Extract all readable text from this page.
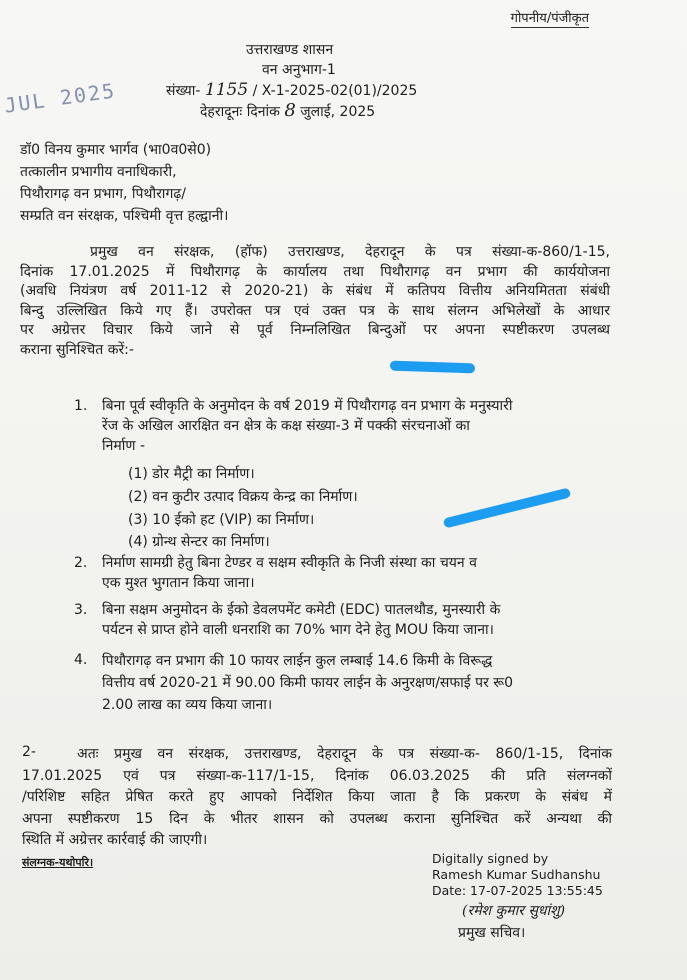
गोपनीय/पंजीकृत
JUL 2025
उत्तराखण्ड शासन
वन अनुभाग-1
संख्या- 1155 / X-1-2025-02(01)/2025
देहरादूनः दिनांक 8 जुलाई, 2025
डॉ0 विनय कुमार भार्गव (भा0व0से0)
तत्कालीन प्रभागीय वनाधिकारी,
पिथौरागढ़ वन प्रभाग, पिथौरागढ़/
सम्प्रति वन संरक्षक, पश्चिमी वृत्त हल्द्वानी।
प्रमुख वन संरक्षक, (हॉफ) उत्तराखण्ड, देहरादून के पत्र संख्या-क-860/1-15,
दिनांक 17.01.2025 में पिथौरागढ़ के कार्यालय तथा पिथौरागढ़ वन प्रभाग की कार्ययोजना
(अवधि नियंत्रण वर्ष 2011-12 से 2020-21) के संबंध में कतिपय वित्तीय अनियमितता संबंधी
बिन्दु उल्लिखित किये गए हैं। उपरोक्त पत्र एवं उक्त पत्र के साथ संलग्न अभिलेखों के आधार
पर अग्रेत्तर विचार किये जाने से पूर्व निम्नलिखित बिन्दुओं पर अपना स्पष्टीकरण उपलब्ध
कराना सुनिश्चित करें:-
1. बिना पूर्व स्वीकृति के अनुमोदन के वर्ष 2019 में पिथौरागढ़ वन प्रभाग के मनुस्यारी
रेंज के अखिल आरक्षित वन क्षेत्र के कक्ष संख्या-3 में पक्की संरचनाओं का
निर्माण -
(1) डोर मैट्री का निर्माण।
(2) वन कुटीर उत्पाद विक्रय केन्द्र का निर्माण।
(3) 10 ईको हट (VIP) का निर्माण।
(4) ग्रोन्थ सेन्टर का निर्माण।
2. निर्माण सामग्री हेतु बिना टेण्डर व सक्षम स्वीकृति के निजी संस्था का चयन व
एक मुश्त भुगतान किया जाना।
3. बिना सक्षम अनुमोदन के ईको डेवलपमेंट कमेटी (EDC) पातलथौड, मुनस्यारी के
पर्यटन से प्राप्त होने वाली धनराशि का 70% भाग देने हेतु MOU किया जाना।
4. पिथौरागढ़ वन प्रभाग की 10 फायर लाईन कुल लम्बाई 14.6 किमी के विरूद्ध
वित्तीय वर्ष 2020-21 में 90.00 किमी फायर लाईन के अनुरक्षण/सफाई पर रू0
2.00 लाख का व्यय किया जाना।
2-	अतः प्रमुख वन संरक्षक, उत्तराखण्ड, देहरादून के पत्र संख्या-क- 860/1-15, दिनांक
17.01.2025 एवं पत्र संख्या-क-117/1-15, दिनांक 06.03.2025 की प्रति संलग्नकों
/परिशिष्ट सहित प्रेषित करते हुए आपको निर्देशित किया जाता है कि प्रकरण के संबंध में
अपना स्पष्टीकरण 15 दिन के भीतर शासन को उपलब्ध कराना सुनिश्चित करें अन्यथा की
स्थिति में अग्रेत्तर कार्रवाई की जाएगी।
संलग्नक-यथोपरि।	Digitally signed by
Ramesh Kumar Sudhanshu
Date: 17-07-2025 13:55:45
(रमेश कुमार सुधांशु)
प्रमुख सचिव।
